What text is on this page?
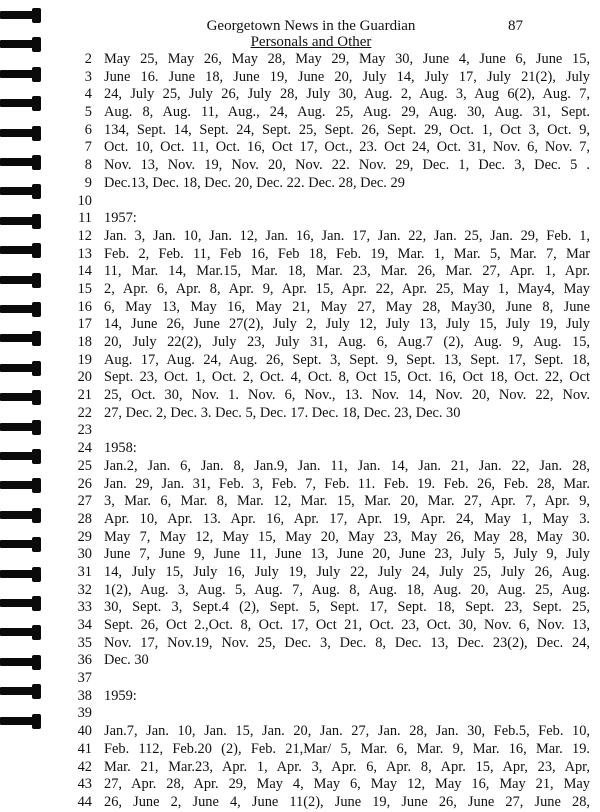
Georgetown News in the Guardian
Personals and Other
87
2 May 25, May 26, May 28, May 29, May 30, June 4, June 6, June 15,
3 June 16. June 18, June 19, June 20, July 14, July 17, July 21(2), July
4 24, July 25, July 26, July 28, July 30, Aug. 2, Aug. 3, Aug 6(2), Aug. 7,
5 Aug. 8, Aug. 11, Aug., 24, Aug. 25, Aug. 29, Aug. 30, Aug. 31, Sept.
6 134, Sept. 14, Sept. 24, Sept. 25, Sept. 26, Sept. 29, Oct. 1, Oct 3, Oct. 9,
7 Oct. 10, Oct. 11, Oct. 16, Oct 17, Oct., 23. Oct 24, Oct. 31, Nov. 6, Nov. 7,
8 Nov. 13, Nov. 19, Nov. 20, Nov. 22. Nov. 29, Dec. 1, Dec. 3, Dec. 5 .
9 Dec.13, Dec. 18, Dec. 20, Dec. 22. Dec. 28, Dec. 29
10
11 1957:
12 Jan. 3, Jan. 10, Jan. 12, Jan. 16, Jan. 17, Jan. 22, Jan. 25, Jan. 29, Feb. 1,
13 Feb. 2, Feb. 11, Feb 16, Feb 18, Feb. 19, Mar. 1, Mar. 5, Mar. 7, Mar
14 11, Mar. 14, Mar.15, Mar. 18, Mar. 23, Mar. 26, Mar. 27, Apr. 1, Apr.
15 2, Apr. 6, Apr. 8, Apr. 9, Apr. 15, Apr. 22, Apr. 25, May 1, May4, May
16 6, May 13, May 16, May 21, May 27, May 28, May30, June 8, June
17 14, June 26, June 27(2), July 2, July 12, July 13, July 15, July 19, July
18 20, July 22(2), July 23, July 31, Aug. 6, Aug.7 (2), Aug. 9, Aug. 15,
19 Aug. 17, Aug. 24, Aug. 26, Sept. 3, Sept. 9, Sept. 13, Sept. 17, Sept. 18,
20 Sept. 23, Oct. 1, Oct. 2, Oct. 4, Oct. 8, Oct 15, Oct. 16, Oct 18, Oct. 22, Oct
21 25, Oct. 30, Nov. 1. Nov. 6, Nov., 13. Nov. 14, Nov. 20, Nov. 22, Nov.
22 27, Dec. 2, Dec. 3. Dec. 5, Dec. 17. Dec. 18, Dec. 23, Dec. 30
23
24 1958:
25 Jan.2, Jan. 6, Jan. 8, Jan.9, Jan. 11, Jan. 14, Jan. 21, Jan. 22, Jan. 28,
26 Jan. 29, Jan. 31, Feb. 3, Feb. 7, Feb. 11. Feb. 19. Feb. 26, Feb. 28, Mar.
27 3, Mar. 6, Mar. 8, Mar. 12, Mar. 15, Mar. 20, Mar. 27, Apr. 7, Apr. 9,
28 Apr. 10, Apr. 13. Apr. 16, Apr. 17, Apr. 19, Apr. 24, May 1, May 3.
29 May 7, May 12, May 15, May 20, May 23, May 26, May 28, May 30.
30 June 7, June 9, June 11, June 13, June 20, June 23, July 5, July 9, July
31 14, July 15, July 16, July 19, July 22, July 24, July 25, July 26, Aug.
32 1(2), Aug. 3, Aug. 5, Aug. 7, Aug. 8, Aug. 18, Aug. 20, Aug. 25, Aug.
33 30, Sept. 3, Sept.4 (2), Sept. 5, Sept. 17, Sept. 18, Sept. 23, Sept. 25,
34 Sept. 26, Oct 2.,Oct. 8, Oct. 17, Oct 21, Oct. 23, Oct. 30, Nov. 6, Nov. 13,
35 Nov. 17, Nov.19, Nov. 25, Dec. 3, Dec. 8, Dec. 13, Dec. 23(2), Dec. 24,
36 Dec. 30
37
38 1959:
39
40 Jan.7, Jan. 10, Jan. 15, Jan. 20, Jan. 27, Jan. 28, Jan. 30, Feb.5, Feb. 10,
41 Feb. 112, Feb.20 (2), Feb. 21,Mar/ 5, Mar. 6, Mar. 9, Mar. 16, Mar. 19.
42 Mar. 21, Mar.23, Apr. 1, Apr. 3, Apr. 6, Apr. 8, Apr. 15, Apr, 23, Apr,
43 27, Apr. 28, Apr. 29, May 4, May 6, May 12, May 16, May 21, May
44 26, June 2, June 4, June 11(2), June 19, June 26, June 27, June 28,
